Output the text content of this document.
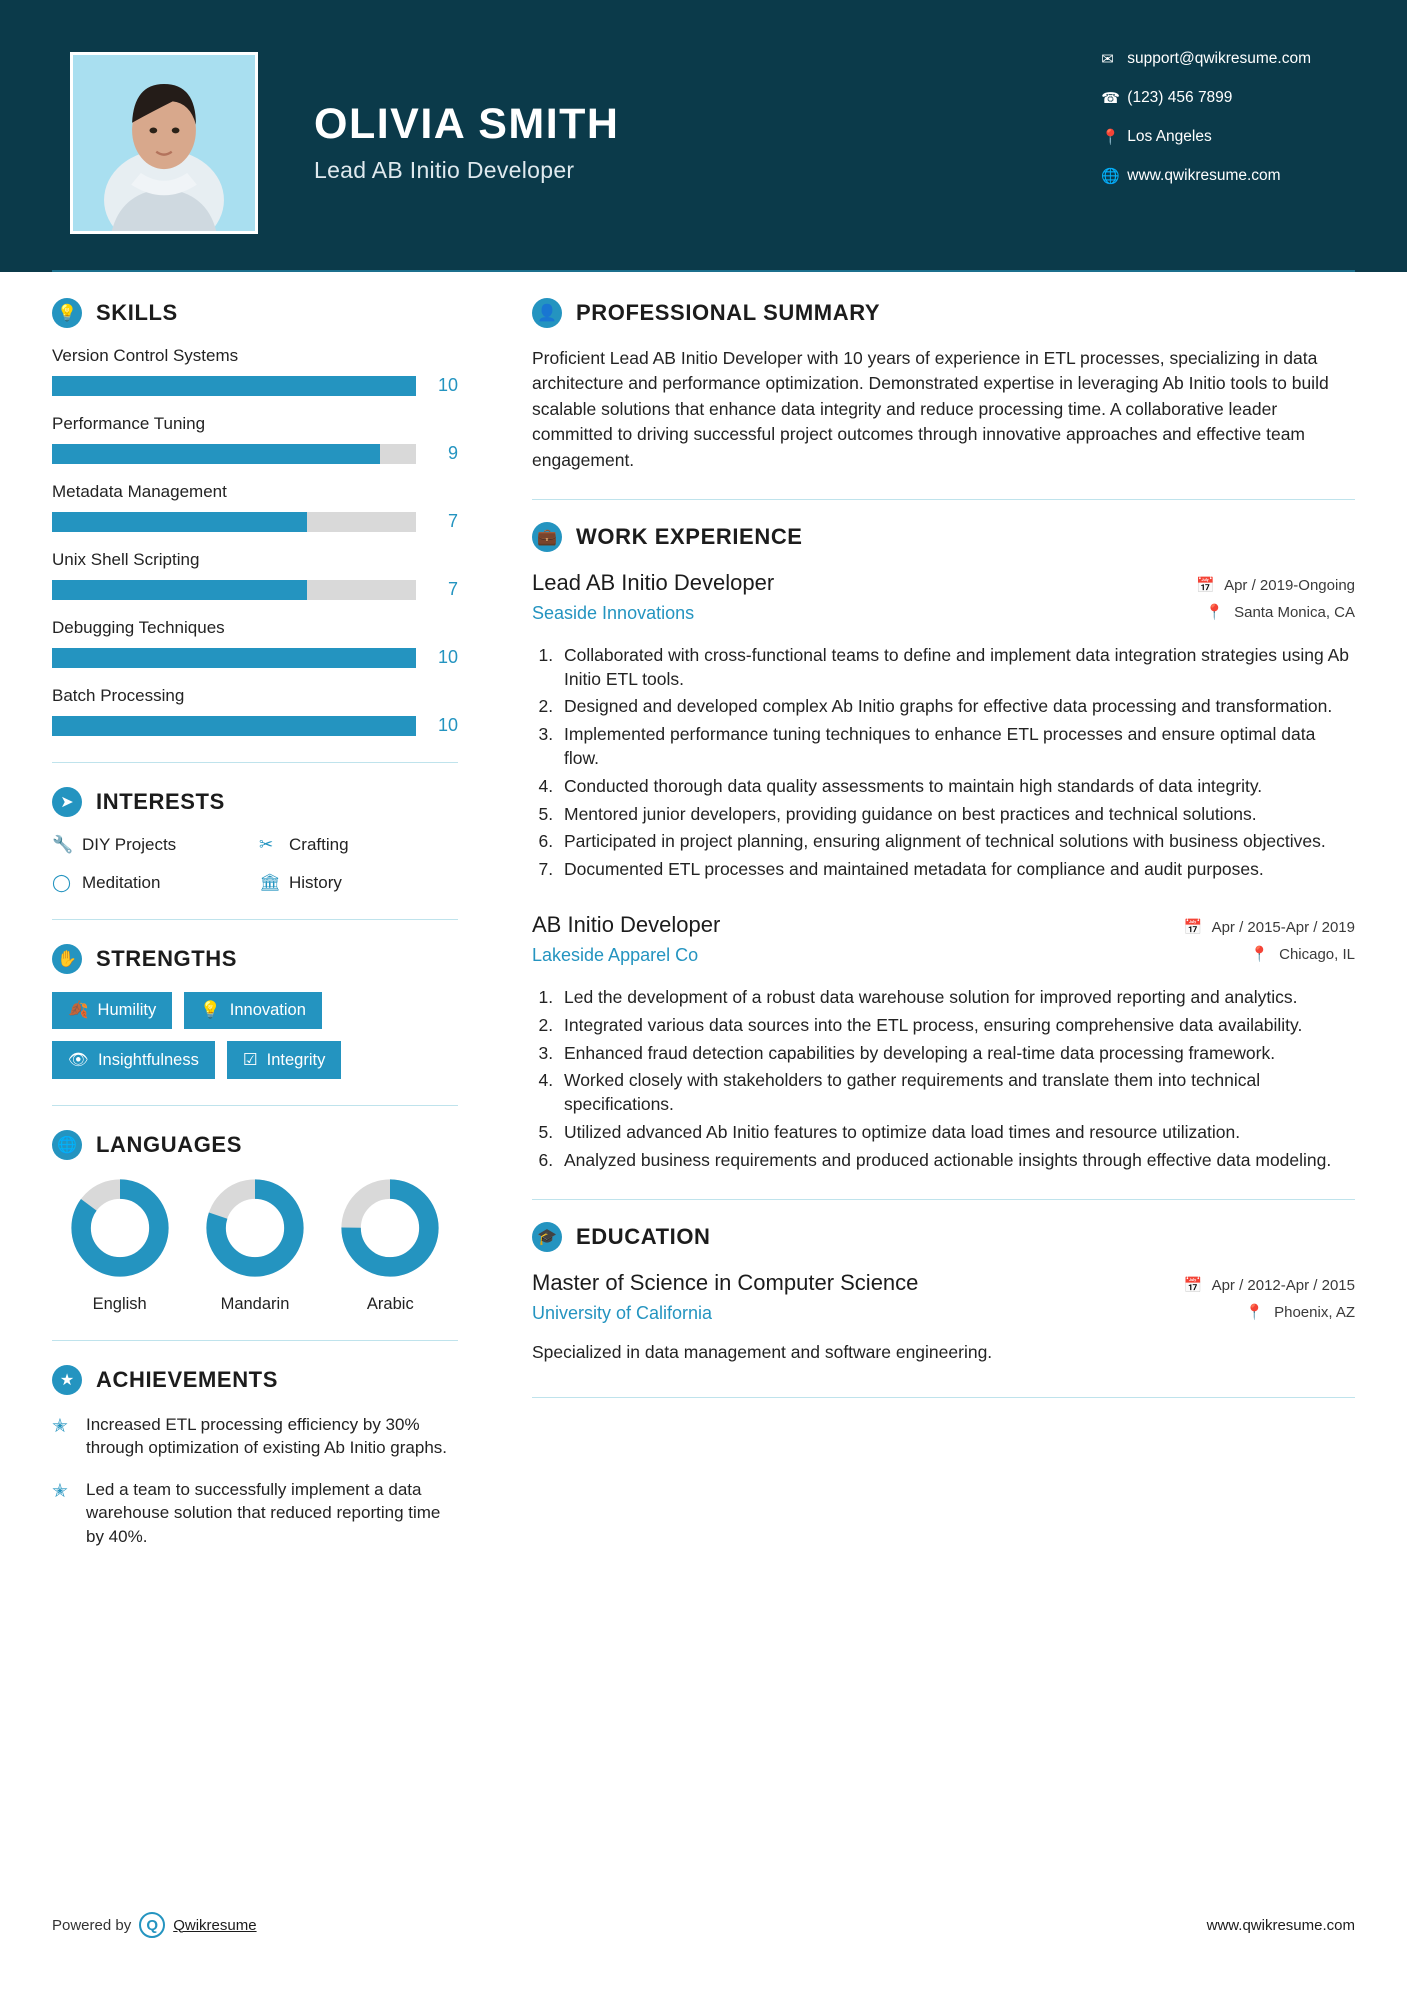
OLIVIA SMITH
Lead AB Initio Developer
✉ support@qwikresume.com
☎ (123) 456 7899
📍 Los Angeles
🌐 www.qwikresume.com
💡 SKILLS
Version Control Systems
10
Performance Tuning
9
Metadata Management
7
Unix Shell Scripting
7
Debugging Techniques
10
Batch Processing
10
➤	INTERESTS
🔧 DIY Projects	✂ Crafting
◯ Meditation	🏛 History
✋ STRENGTHS
🍂 Humility	💡 Innovation
👁 Insightfulness	☑ Integrity
🌐 LANGUAGES
English	Mandarin	Arabic
★ ACHIEVEMENTS
✭	Increased ETL processing efficiency by 30% through optimization of existing Ab Initio graphs.
✭	Led a team to successfully implement a data warehouse solution that reduced reporting time by 40%.
👤 PROFESSIONAL SUMMARY
Proficient Lead AB Initio Developer with 10 years of experience in ETL processes, specializing in data architecture and performance optimization. Demonstrated expertise in leveraging Ab Initio tools to build scalable solutions that enhance data integrity and reduce processing time. A collaborative leader committed to driving successful project outcomes through innovative approaches and effective team engagement.
💼 WORK EXPERIENCE
Lead AB Initio Developer
Seaside Innovations
📅 Apr / 2019-Ongoing
📍 Santa Monica, CA
1. Collaborated with cross-functional teams to define and implement data integration strategies using Ab Initio ETL tools.
2. Designed and developed complex Ab Initio graphs for effective data processing and transformation.
3. Implemented performance tuning techniques to enhance ETL processes and ensure optimal data flow.
4. Conducted thorough data quality assessments to maintain high standards of data integrity.
5. Mentored junior developers, providing guidance on best practices and technical solutions.
6. Participated in project planning, ensuring alignment of technical solutions with business objectives.
7. Documented ETL processes and maintained metadata for compliance and audit purposes.
AB Initio Developer
Lakeside Apparel Co
📅 Apr / 2015-Apr / 2019
📍 Chicago, IL
1. Led the development of a robust data warehouse solution for improved reporting and analytics.
2. Integrated various data sources into the ETL process, ensuring comprehensive data availability.
3. Enhanced fraud detection capabilities by developing a real-time data processing framework.
4. Worked closely with stakeholders to gather requirements and translate them into technical specifications.
5. Utilized advanced Ab Initio features to optimize data load times and resource utilization.
6. Analyzed business requirements and produced actionable insights through effective data modeling.
🎓 EDUCATION
Master of Science in Computer Science
University of California
📅 Apr / 2012-Apr / 2015
📍 Phoenix, AZ
Specialized in data management and software engineering.
Powered by	Q	Qwikresume	www.qwikresume.com
